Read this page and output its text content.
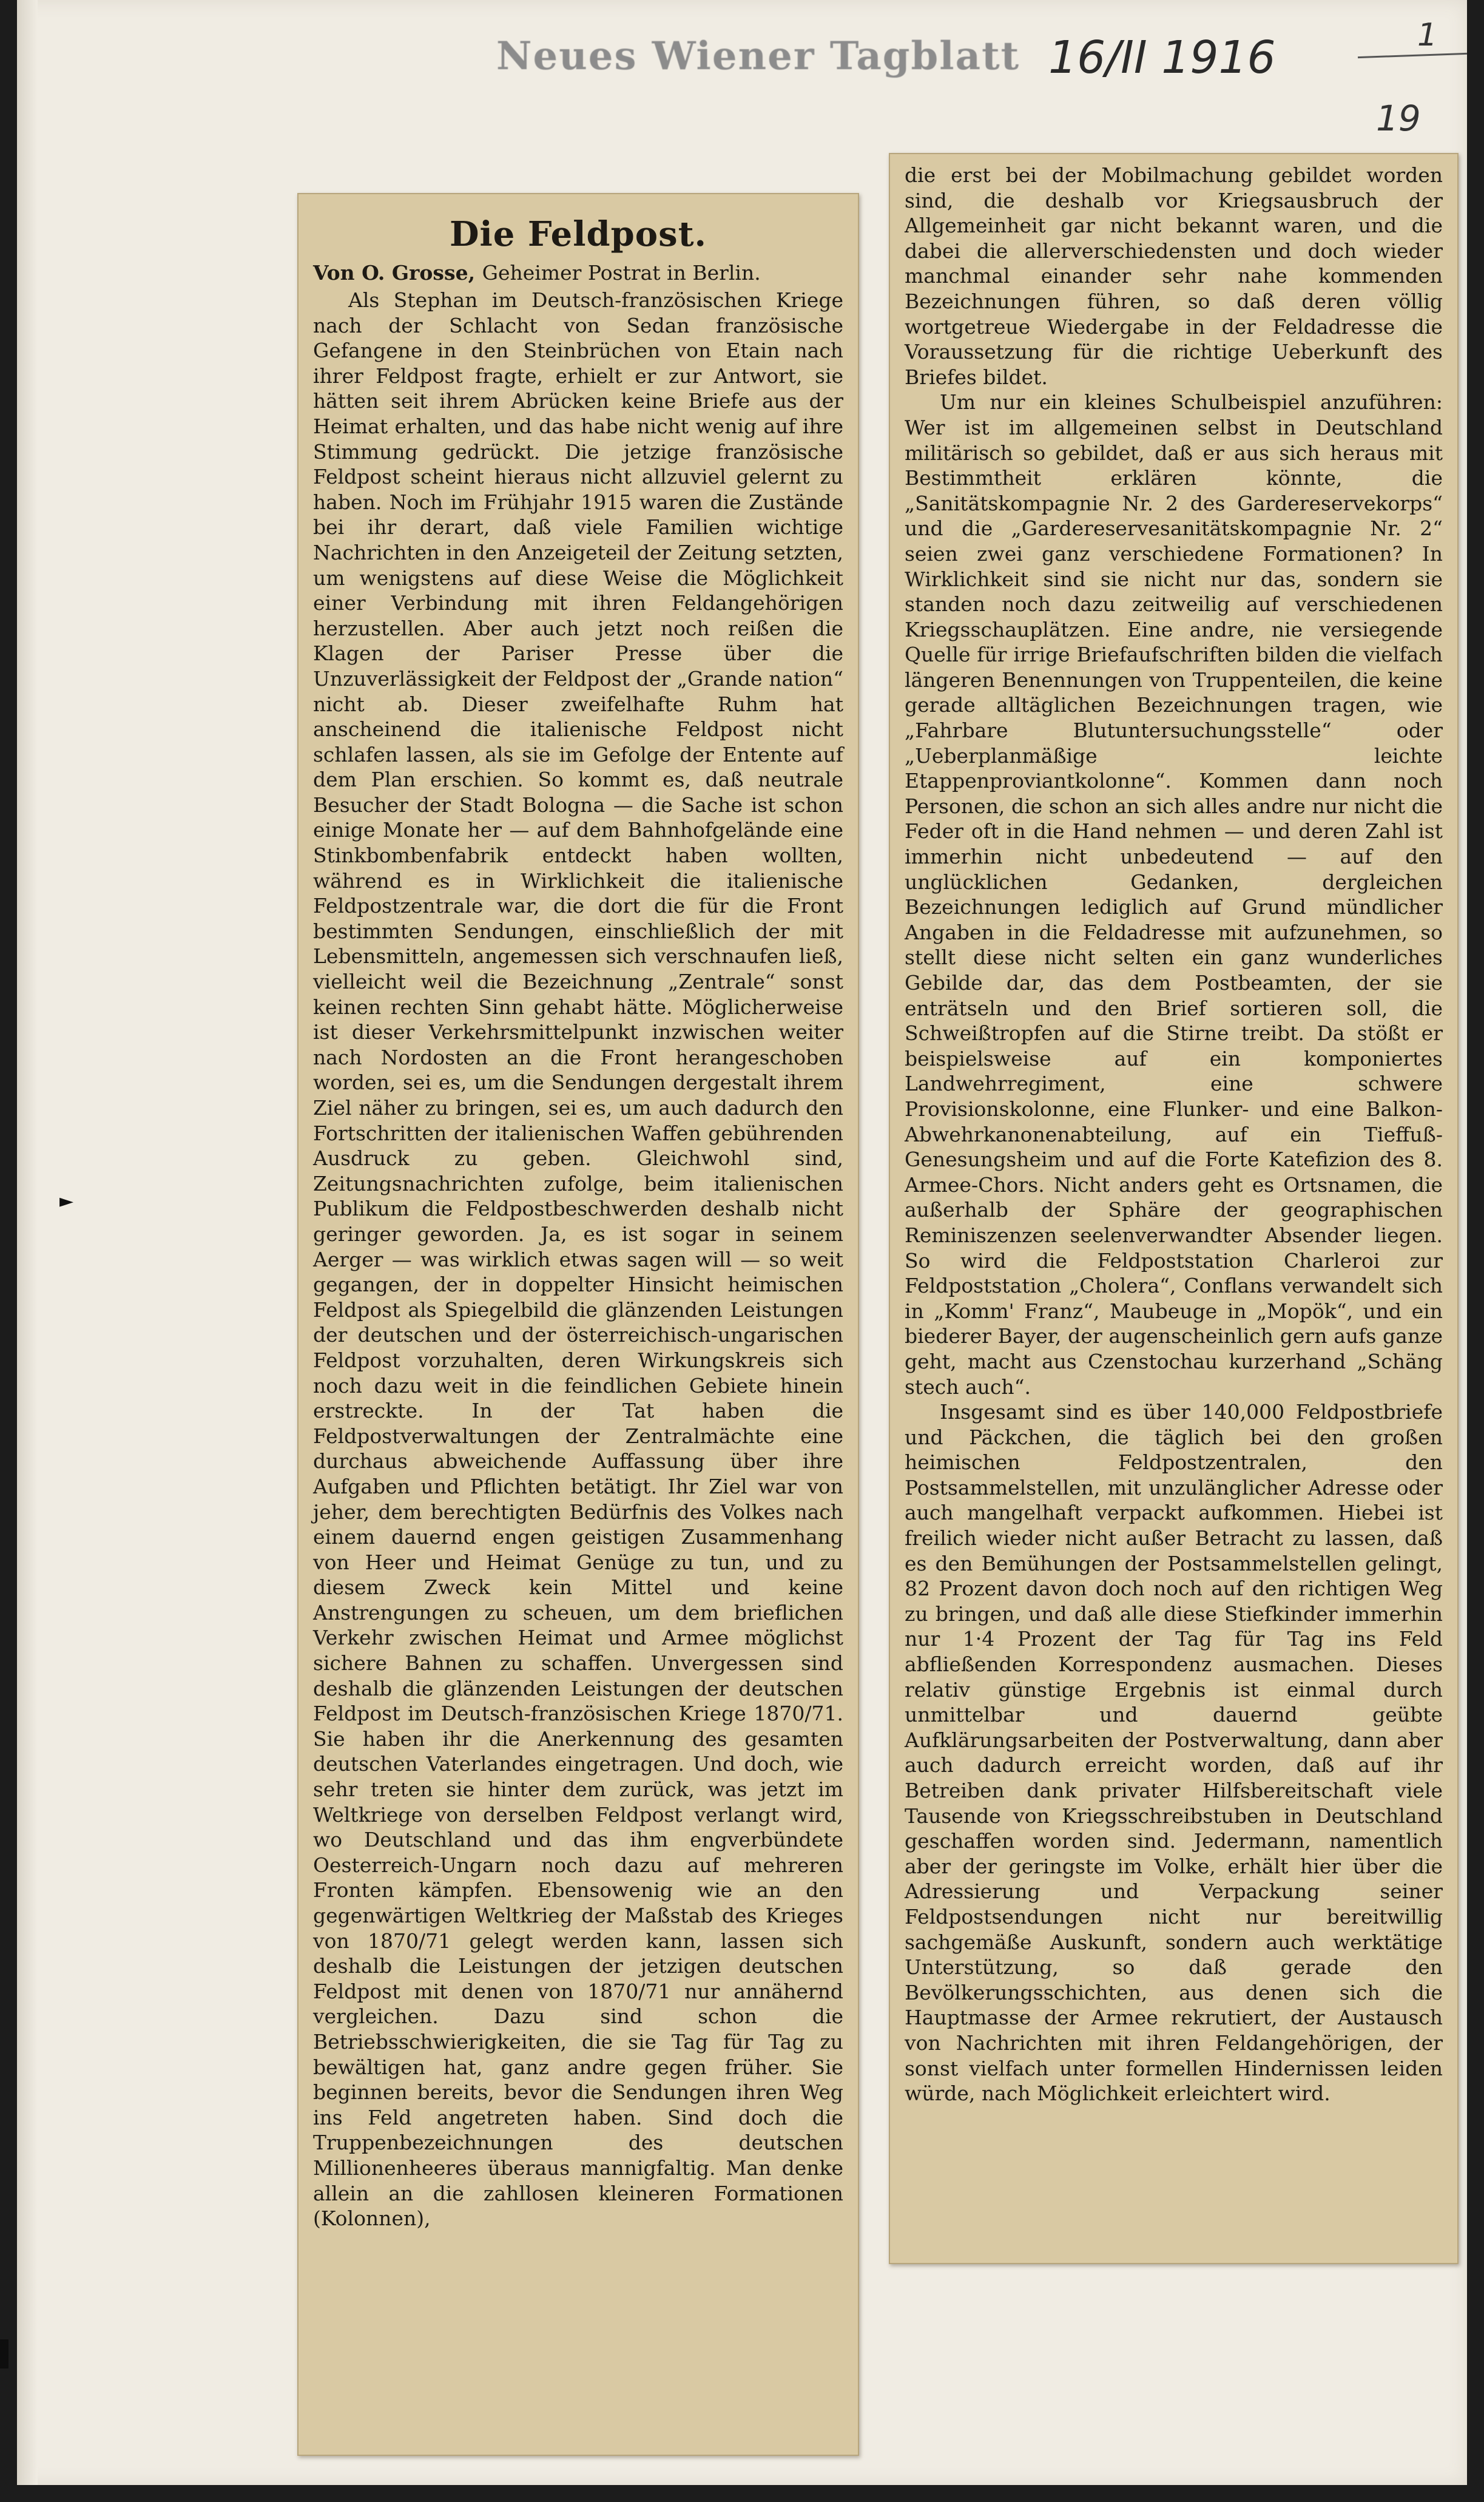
Neues Wiener Tagblatt 16/II 1916	1
19
►
Die Feldpost.
Von O. Grosse, Geheimer Postrat in Berlin.

Als Stephan im Deutsch-französischen Kriege nach der Schlacht von Sedan französische Gefangene in den Steinbrüchen von Etain nach ihrer Feldpost fragte, erhielt er zur Antwort, sie hätten seit ihrem Abrücken keine Briefe aus der Heimat erhalten, und das habe nicht wenig auf ihre Stimmung gedrückt. Die jetzige französische Feldpost scheint hieraus nicht allzuviel gelernt zu haben. Noch im Frühjahr 1915 waren die Zustände bei ihr derart, daß viele Familien wichtige Nachrichten in den Anzeigeteil der Zeitung setzten, um wenigstens auf diese Weise die Möglichkeit einer Verbindung mit ihren Feldangehörigen herzustellen. Aber auch jetzt noch reißen die Klagen der Pariser Presse über die Unzuverlässigkeit der Feldpost der „Grande nation“ nicht ab. Dieser zweifelhafte Ruhm hat anscheinend die italienische Feldpost nicht schlafen lassen, als sie im Gefolge der Entente auf dem Plan erschien. So kommt es, daß neutrale Besucher der Stadt Bologna — die Sache ist schon einige Monate her — auf dem Bahnhofgelände eine Stinkbombenfabrik entdeckt haben wollten, während es in Wirklichkeit die italienische Feldpostzentrale war, die dort die für die Front bestimmten Sendungen, einschließlich der mit Lebensmitteln, angemessen sich verschnaufen ließ, vielleicht weil die Bezeichnung „Zentrale“ sonst keinen rechten Sinn gehabt hätte. Möglicherweise ist dieser Verkehrsmittelpunkt inzwischen weiter nach Nordosten an die Front herangeschoben worden, sei es, um die Sendungen dergestalt ihrem Ziel näher zu bringen, sei es, um auch dadurch den Fortschritten der italienischen Waffen gebührenden Ausdruck zu geben. Gleichwohl sind, Zeitungsnachrichten zufolge, beim italienischen Publikum die Feldpostbeschwerden deshalb nicht geringer geworden. Ja, es ist sogar in seinem Aerger — was wirklich etwas sagen will — so weit gegangen, der in doppelter Hinsicht heimischen Feldpost als Spiegelbild die glänzenden Leistungen der deutschen und der österreichisch-ungarischen Feldpost vorzuhalten, deren Wirkungskreis sich noch dazu weit in die feindlichen Gebiete hinein erstreckte. In der Tat haben die Feldpostverwaltungen der Zentralmächte eine durchaus abweichende Auffassung über ihre Aufgaben und Pflichten betätigt. Ihr Ziel war von jeher, dem berechtigten Bedürfnis des Volkes nach einem dauernd engen geistigen Zusammenhang von Heer und Heimat Genüge zu tun, und zu diesem Zweck kein Mittel und keine Anstrengungen zu scheuen, um dem brieflichen Verkehr zwischen Heimat und Armee möglichst sichere Bahnen zu schaffen. Unvergessen sind deshalb die glänzenden Leistungen der deutschen Feldpost im Deutsch-französischen Kriege 1870/71. Sie haben ihr die Anerkennung des gesamten deutschen Vaterlandes eingetragen. Und doch, wie sehr treten sie hinter dem zurück, was jetzt im Weltkriege von derselben Feldpost verlangt wird, wo Deutschland und das ihm engverbündete Oesterreich-Ungarn noch dazu auf mehreren Fronten kämpfen. Ebensowenig wie an den gegenwärtigen Weltkrieg der Maßstab des Krieges von 1870/71 gelegt werden kann, lassen sich deshalb die Leistungen der jetzigen deutschen Feldpost mit denen von 1870/71 nur annähernd vergleichen. Dazu sind schon die Betriebsschwierigkeiten, die sie Tag für Tag zu bewältigen hat, ganz andre gegen früher. Sie beginnen bereits, bevor die Sendungen ihren Weg ins Feld angetreten haben. Sind doch die Truppenbezeichnungen des deutschen Millionenheeres überaus mannigfaltig. Man denke allein an die zahllosen kleineren Formationen (Kolonnen),

die erst bei der Mobilmachung gebildet worden sind, die deshalb vor Kriegsausbruch der Allgemeinheit gar nicht bekannt waren, und die dabei die allerverschiedensten und doch wieder manchmal einander sehr nahe kommenden Bezeichnungen führen, so daß deren völlig wortgetreue Wiedergabe in der Feldadresse die Voraussetzung für die richtige Ueberkunft des Briefes bildet.

Um nur ein kleines Schulbeispiel anzuführen: Wer ist im allgemeinen selbst in Deutschland militärisch so gebildet, daß er aus sich heraus mit Bestimmtheit erklären könnte, die „Sanitätskompagnie Nr. 2 des Gardereservekorps“ und die „Gardereservesanitätskompagnie Nr. 2“ seien zwei ganz verschiedene Formationen? In Wirklichkeit sind sie nicht nur das, sondern sie standen noch dazu zeitweilig auf verschiedenen Kriegsschauplätzen. Eine andre, nie versiegende Quelle für irrige Briefaufschriften bilden die vielfach längeren Benennungen von Truppenteilen, die keine gerade alltäglichen Bezeichnungen tragen, wie „Fahrbare Blutuntersuchungsstelle“ oder „Ueberplanmäßige leichte Etappenproviantkolonne“. Kommen dann noch Personen, die schon an sich alles andre nur nicht die Feder oft in die Hand nehmen — und deren Zahl ist immerhin nicht unbedeutend — auf den unglücklichen Gedanken, dergleichen Bezeichnungen lediglich auf Grund mündlicher Angaben in die Feldadresse mit aufzunehmen, so stellt diese nicht selten ein ganz wunderliches Gebilde dar, das dem Postbeamten, der sie enträtseln und den Brief sortieren soll, die Schweißtropfen auf die Stirne treibt. Da stößt er beispielsweise auf ein komponiertes Landwehrregiment, eine schwere Provisionskolonne, eine Flunker- und eine Balkon-Abwehrkanonenabteilung, auf ein Tieffuß-Genesungsheim und auf die Forte Katefizion des 8. Armee-Chors. Nicht anders geht es Ortsnamen, die außerhalb der Sphäre der geographischen Reminiszenzen seelenverwandter Absender liegen. So wird die Feldpoststation Charleroi zur Feldpoststation „Cholera“, Conflans verwandelt sich in „Komm' Franz“, Maubeuge in „Mopök“, und ein biederer Bayer, der augenscheinlich gern aufs ganze geht, macht aus Czenstochau kurzerhand „Schäng stech auch“.

Insgesamt sind es über 140,000 Feldpostbriefe und Päckchen, die täglich bei den großen heimischen Feldpostzentralen, den Postsammelstellen, mit unzulänglicher Adresse oder auch mangelhaft verpackt aufkommen. Hiebei ist freilich wieder nicht außer Betracht zu lassen, daß es den Bemühungen der Postsammelstellen gelingt, 82 Prozent davon doch noch auf den richtigen Weg zu bringen, und daß alle diese Stiefkinder immerhin nur 1·4 Prozent der Tag für Tag ins Feld abfließenden Korrespondenz ausmachen. Dieses relativ günstige Ergebnis ist einmal durch unmittelbar und dauernd geübte Aufklärungsarbeiten der Postverwaltung, dann aber auch dadurch erreicht worden, daß auf ihr Betreiben dank privater Hilfsbereitschaft viele Tausende von Kriegsschreibstuben in Deutschland geschaffen worden sind. Jedermann, namentlich aber der geringste im Volke, erhält hier über die Adressierung und Verpackung seiner Feldpostsendungen nicht nur bereitwillig sachgemäße Auskunft, sondern auch werktätige Unterstützung, so daß gerade den Bevölkerungsschichten, aus denen sich die Hauptmasse der Armee rekrutiert, der Austausch von Nachrichten mit ihren Feldangehörigen, der sonst vielfach unter formellen Hindernissen leiden würde, nach Möglichkeit erleichtert wird.
